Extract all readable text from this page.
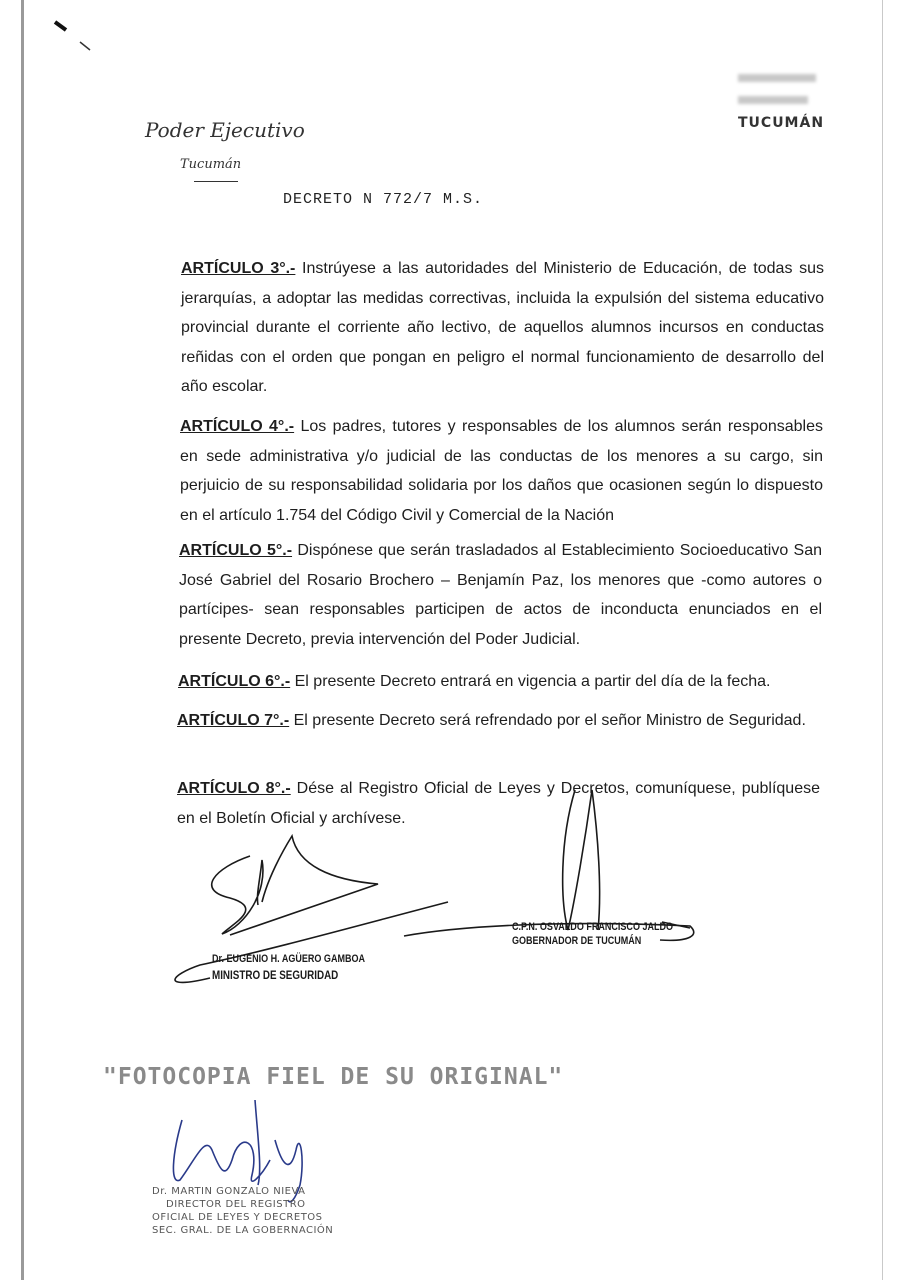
TUCUMÁN
Poder Ejecutivo
Tucumán
DECRETO N 772/7 M.S.
ARTÍCULO 3°.- Instrúyese a las autoridades del Ministerio de Educación, de todas sus jerarquías, a adoptar las medidas correctivas, incluida la expulsión del sistema educativo provincial durante el corriente año lectivo, de aquellos alumnos incursos en conductas reñidas con el orden que pongan en peligro el normal funcionamiento de desarrollo del año escolar.
ARTÍCULO 4°.- Los padres, tutores y responsables de los alumnos serán responsables en sede administrativa y/o judicial de las conductas de los menores a su cargo, sin perjuicio de su responsabilidad solidaria por los daños que ocasionen según lo dispuesto en el artículo 1.754 del Código Civil y Comercial de la Nación
ARTÍCULO 5°.- Dispónese que serán trasladados al Establecimiento Socioeducativo San José Gabriel del Rosario Brochero – Benjamín Paz, los menores que -como autores o partícipes- sean responsables participen de actos de inconducta enunciados en el presente Decreto, previa intervención del Poder Judicial.
ARTÍCULO 6°.- El presente Decreto entrará en vigencia a partir del día de la fecha.
ARTÍCULO 7°.- El presente Decreto será refrendado por el señor Ministro de Seguridad.
ARTÍCULO 8°.- Dése al Registro Oficial de Leyes y Decretos, comuníquese, publíquese en el Boletín Oficial y archívese.
Dr. EUGENIO H. AGÜERO GAMBOA
MINISTRO DE SEGURIDAD
C.P.N. OSVALDO FRANCISCO JALDO
GOBERNADOR DE TUCUMÁN
"FOTOCOPIA FIEL DE SU ORIGINAL"
Dr. MARTIN GONZALO NIEVA
DIRECTOR DEL REGISTRO
OFICIAL DE LEYES Y DECRETOS
SEC. GRAL. DE LA GOBERNACIÓN
